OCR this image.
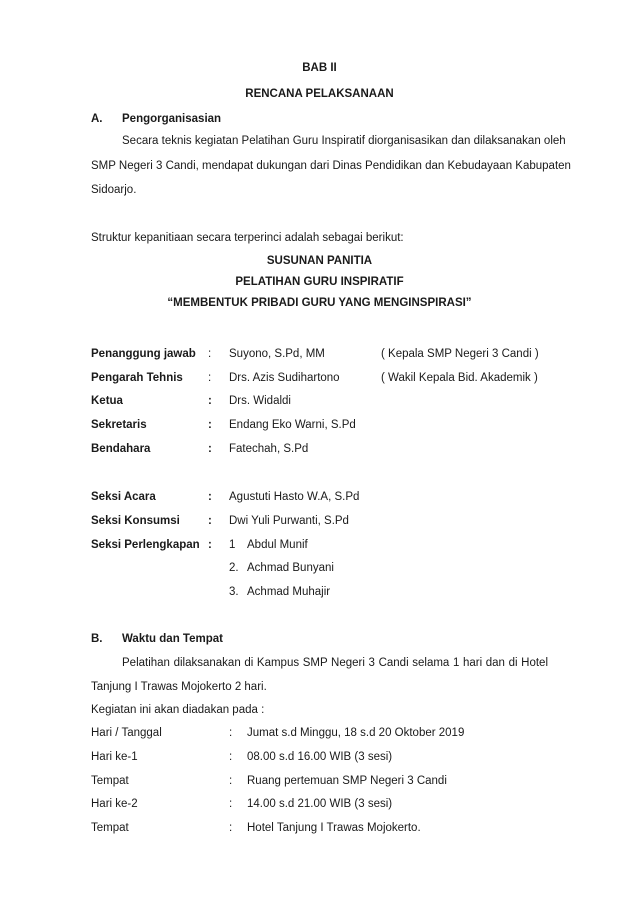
BAB II
RENCANA PELAKSANAAN
A. Pengorganisasian
Secara teknis kegiatan Pelatihan Guru Inspiratif diorganisasikan dan dilaksanakan oleh
SMP Negeri 3 Candi, mendapat dukungan dari Dinas Pendidikan dan Kebudayaan Kabupaten
Sidoarjo.
Struktur kepanitiaan secara terperinci adalah sebagai berikut:
SUSUNAN PANITIA
PELATIHAN GURU INSPIRATIF
“MEMBENTUK PRIBADI GURU YANG MENGINSPIRASI”
Penanggung jawab : Suyono, S.Pd, MM	( Kepala SMP Negeri 3 Candi )
Pengarah Tehnis : Drs. Azis Sudihartono	( Wakil Kepala Bid. Akademik )
Ketua	: Drs. Widaldi
Sekretaris	: Endang Eko Warni, S.Pd
Bendahara	: Fatechah, S.Pd
Seksi Acara	: Agustuti Hasto W.A, S.Pd
Seksi Konsumsi : Dwi Yuli Purwanti, S.Pd
Seksi Perlengkapan : 1 Abdul Munif
2. Achmad Bunyani
3. Achmad Muhajir
B. Waktu dan Tempat
Pelatihan dilaksanakan di Kampus SMP Negeri 3 Candi selama 1 hari dan di Hotel
Tanjung I Trawas Mojokerto 2 hari.
Kegiatan ini akan diadakan pada :
Hari / Tanggal	: Jumat s.d Minggu, 18 s.d 20 Oktober 2019
Hari ke-1	: 08.00 s.d 16.00 WIB (3 sesi)
Tempat	: Ruang pertemuan SMP Negeri 3 Candi
Hari ke-2	: 14.00 s.d 21.00 WIB (3 sesi)
Tempat	: Hotel Tanjung I Trawas Mojokerto.
